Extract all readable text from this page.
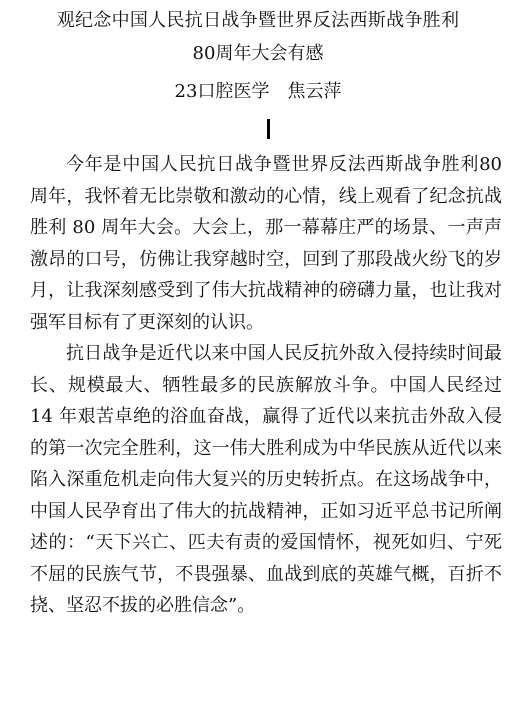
观纪念中国人民抗日战争暨世界反法西斯战争胜利
80周年大会有感
23口腔医学 焦云萍

今年是中国人民抗日战争暨世界反法西斯战争胜利80周年，我怀着无比崇敬和激动的心情，线上观看了纪念抗战胜利 80 周年大会。大会上，那一幕幕庄严的场景、一声声激昂的口号，仿佛让我穿越时空，回到了那段战火纷飞的岁月，让我深刻感受到了伟大抗战精神的磅礴力量，也让我对强军目标有了更深刻的认识。

抗日战争是近代以来中国人民反抗外敌入侵持续时间最长、规模最大、牺牲最多的民族解放斗争。中国人民经过14 年艰苦卓绝的浴血奋战，赢得了近代以来抗击外敌入侵的第一次完全胜利，这一伟大胜利成为中华民族从近代以来陷入深重危机走向伟大复兴的历史转折点。在这场战争中，中国人民孕育出了伟大的抗战精神，正如习近平总书记所阐述的：“天下兴亡、匹夫有责的爱国情怀，视死如归、宁死不屈的民族气节，不畏强暴、血战到底的英雄气概，百折不挠、坚忍不拔的必胜信念”。
